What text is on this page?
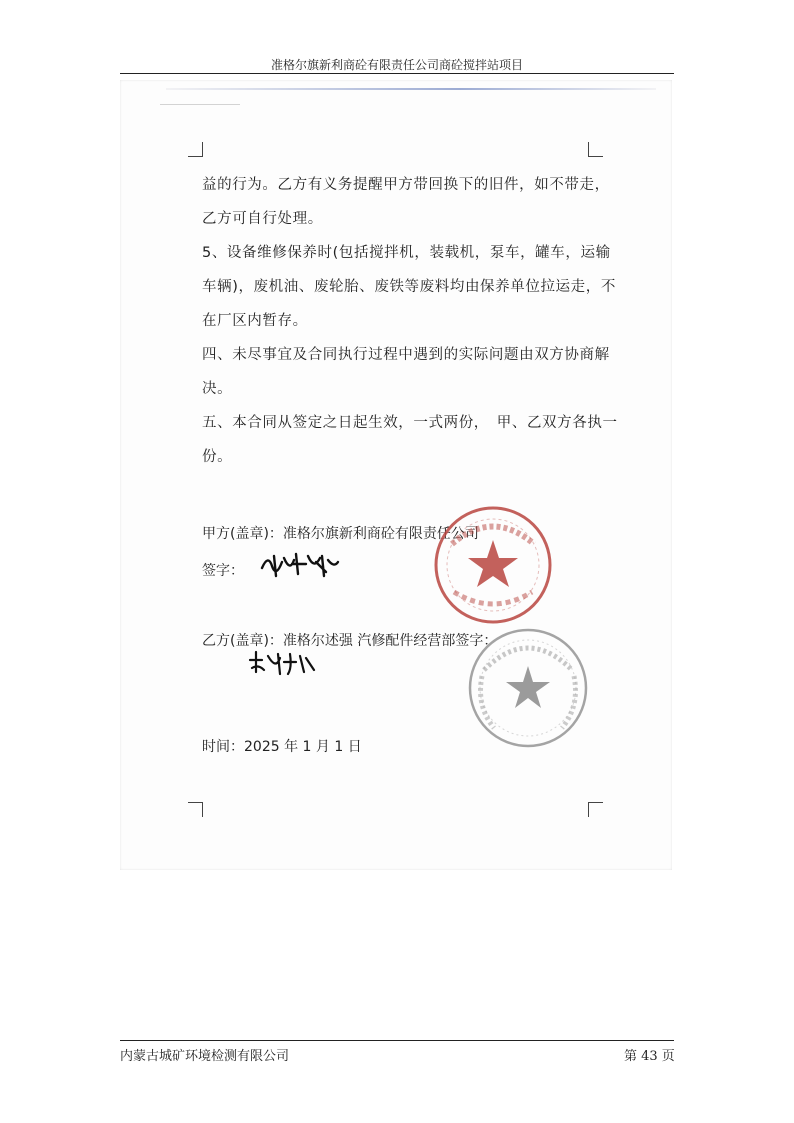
准格尔旗新利商砼有限责任公司商砼搅拌站项目

益的行为。乙方有义务提醒甲方带回换下的旧件，如不带走，乙方可自行处理。

5、设备维修保养时(包括搅拌机，装载机，泵车，罐车，运输车辆)，废机油、废轮胎、废铁等废料均由保养单位拉运走，不在厂区内暂存。

四、未尽事宜及合同执行过程中遇到的实际问题由双方协商解决。

五、本合同从签定之日起生效，一式两份，　甲、乙双方各执一份。

甲方(盖章)：准格尔旗新利商砼有限责任公司
签字：
乙方(盖章)：准格尔述强 汽修配件经营部签字：
时间：2025 年 1 月 1 日
内蒙古城矿环境检测有限公司	第 43 页
